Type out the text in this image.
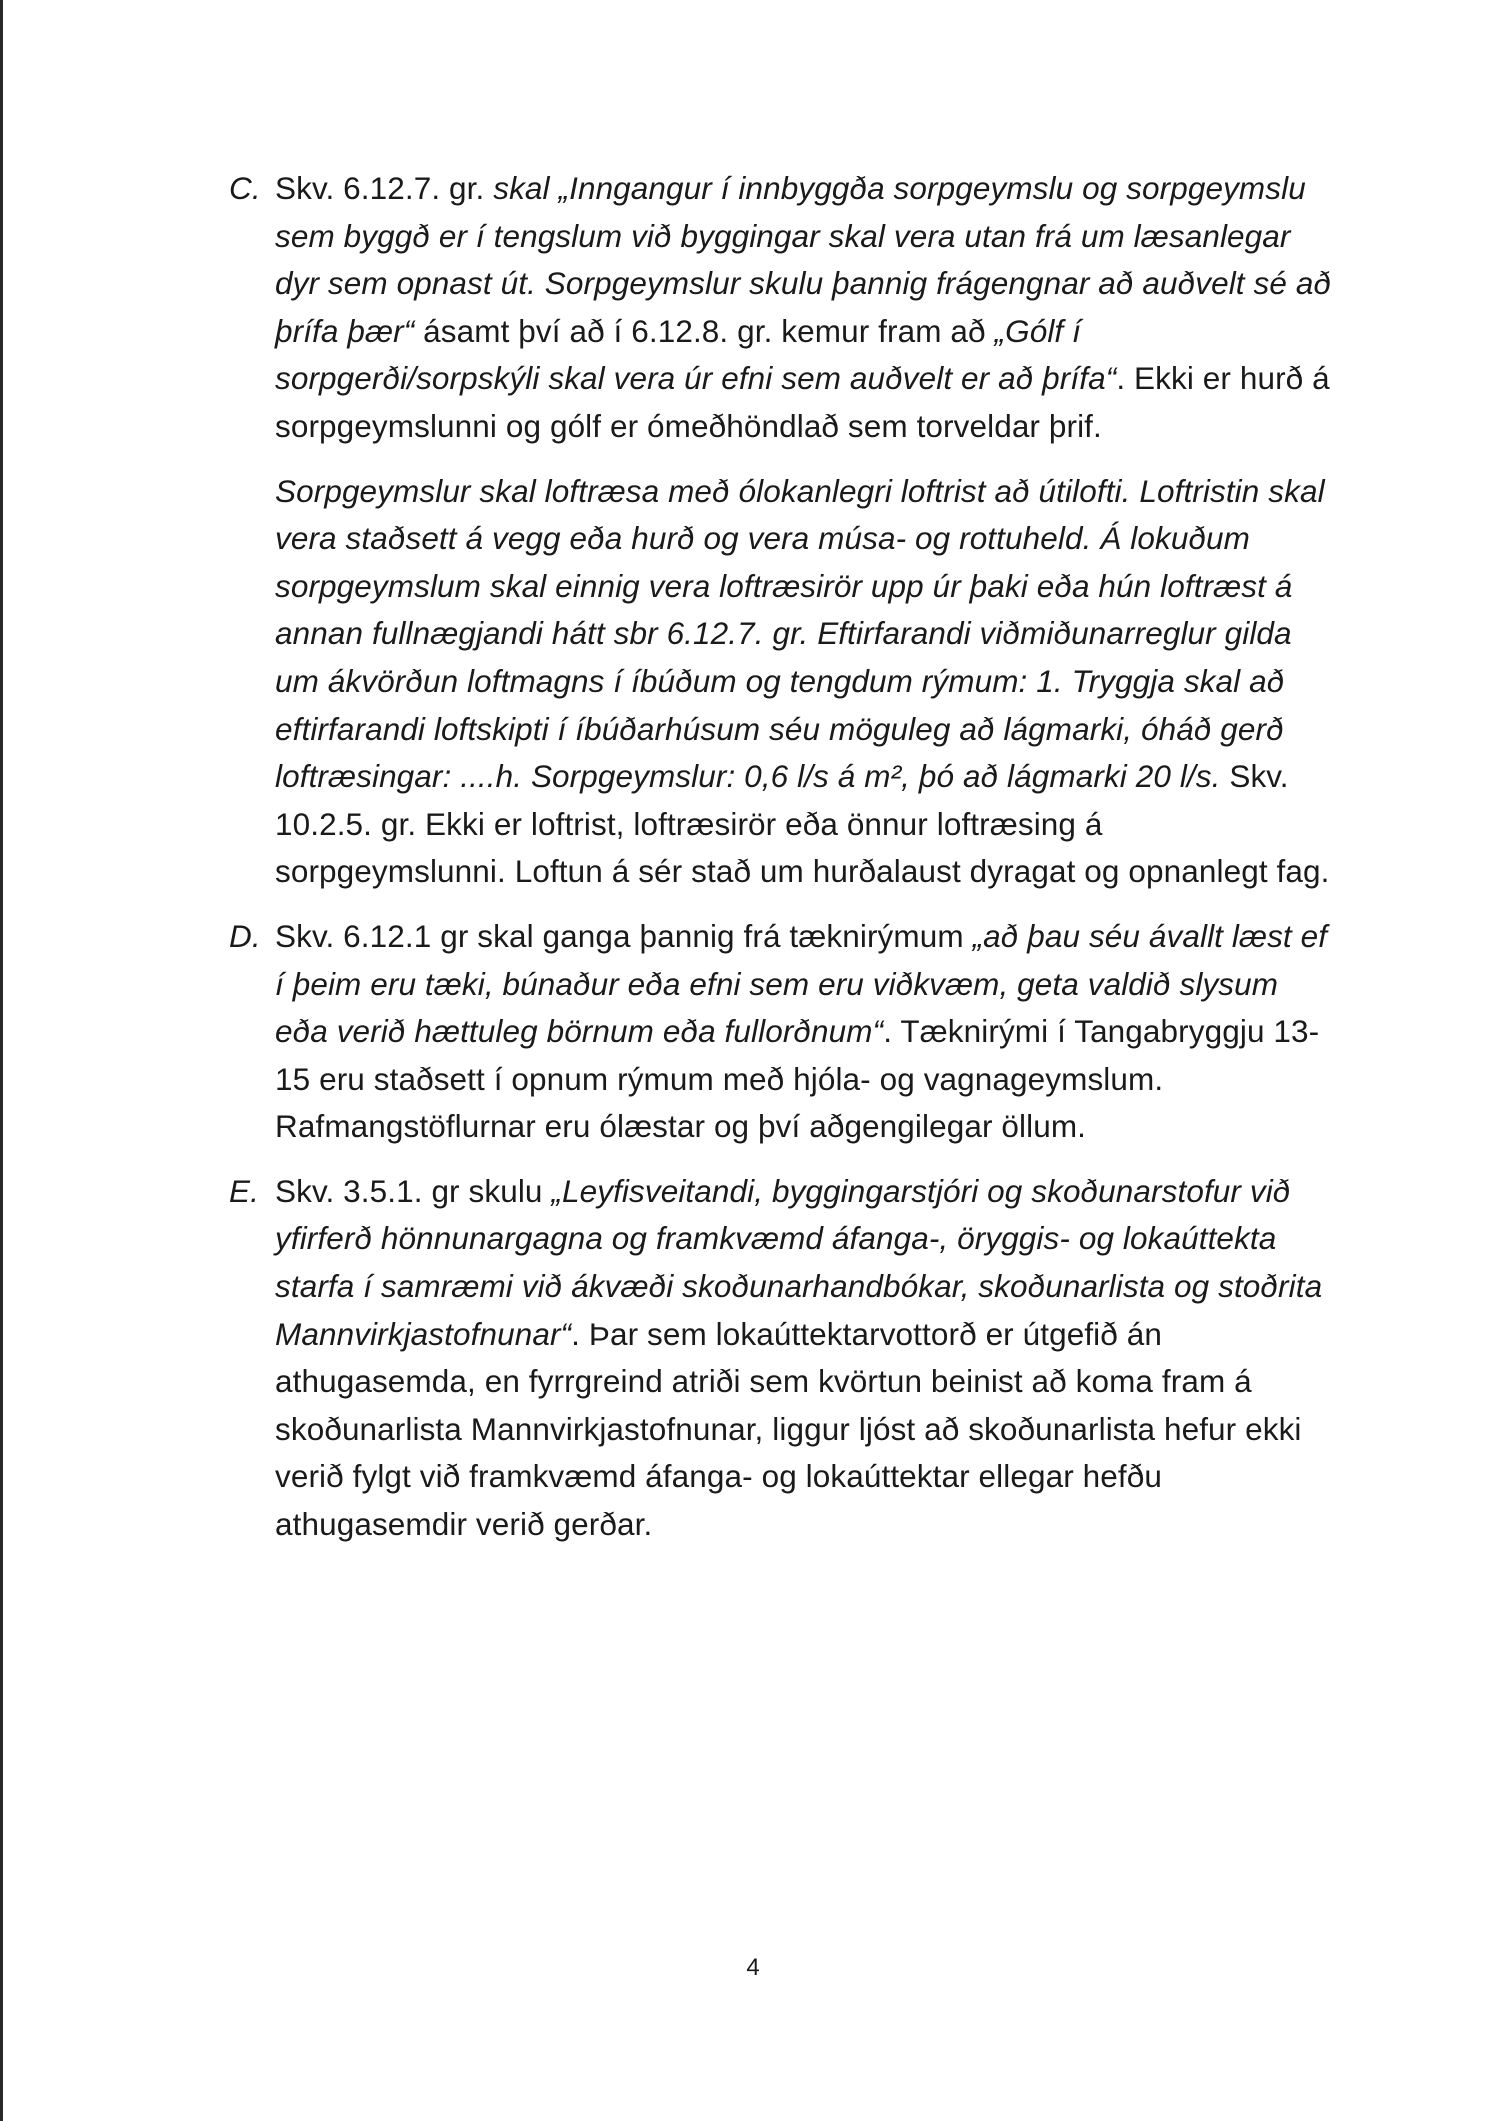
C. Skv. 6.12.7. gr. skal „Inngangur í innbyggða sorpgeymslu og sorpgeymslu sem byggð er í tengslum við byggingar skal vera utan frá um læsanlegar dyr sem opnast út. Sorpgeymslur skulu þannig frágengnar að auðvelt sé að þrífa þær“ ásamt því að í 6.12.8. gr. kemur fram að „Gólf í sorpgerði/sorpskýli skal vera úr efni sem auðvelt er að þrífa“. Ekki er hurð á sorpgeymslunni og gólf er ómeðhöndlað sem torveldar þrif.

Sorpgeymslur skal loftræsa með ólokanlegri loftrist að útilofti. Loftristin skal vera staðsett á vegg eða hurð og vera músa- og rottuheld. Á lokuðum sorpgeymslum skal einnig vera loftræsirör upp úr þaki eða hún loftræst á annan fullnægjandi hátt sbr 6.12.7. gr. Eftirfarandi viðmiðunarreglur gilda um ákvörðun loftmagns í íbúðum og tengdum rýmum: 1. Tryggja skal að eftirfarandi loftskipti í íbúðarhúsum séu möguleg að lágmarki, óháð gerð loftræsingar: ....h. Sorpgeymslur: 0,6 l/s á m², þó að lágmarki 20 l/s. Skv. 10.2.5. gr. Ekki er loftrist, loftræsirör eða önnur loftræsing á sorpgeymslunni. Loftun á sér stað um hurðalaust dyragat og opnanlegt fag.

D. Skv. 6.12.1 gr skal ganga þannig frá tæknirýmum „að þau séu ávallt læst ef í þeim eru tæki, búnaður eða efni sem eru viðkvæm, geta valdið slysum eða verið hættuleg börnum eða fullorðnum“. Tæknirými í Tangabryggju 13-15 eru staðsett í opnum rýmum með hjóla- og vagnageymslum. Rafmangstöflurnar eru ólæstar og því aðgengilegar öllum.

E. Skv. 3.5.1. gr skulu „Leyfisveitandi, byggingarstjóri og skoðunarstofur við yfirferð hönnunargagna og framkvæmd áfanga-, öryggis- og lokaúttekta starfa í samræmi við ákvæði skoðunarhandbókar, skoðunarlista og stoðrita Mannvirkjastofnunar“. Þar sem lokaúttektarvottorð er útgefið án athugasemda, en fyrrgreind atriði sem kvörtun beinist að koma fram á skoðunarlista Mannvirkjastofnunar, liggur ljóst að skoðunarlista hefur ekki verið fylgt við framkvæmd áfanga- og lokaúttektar ellegar hefðu athugasemdir verið gerðar.

4
